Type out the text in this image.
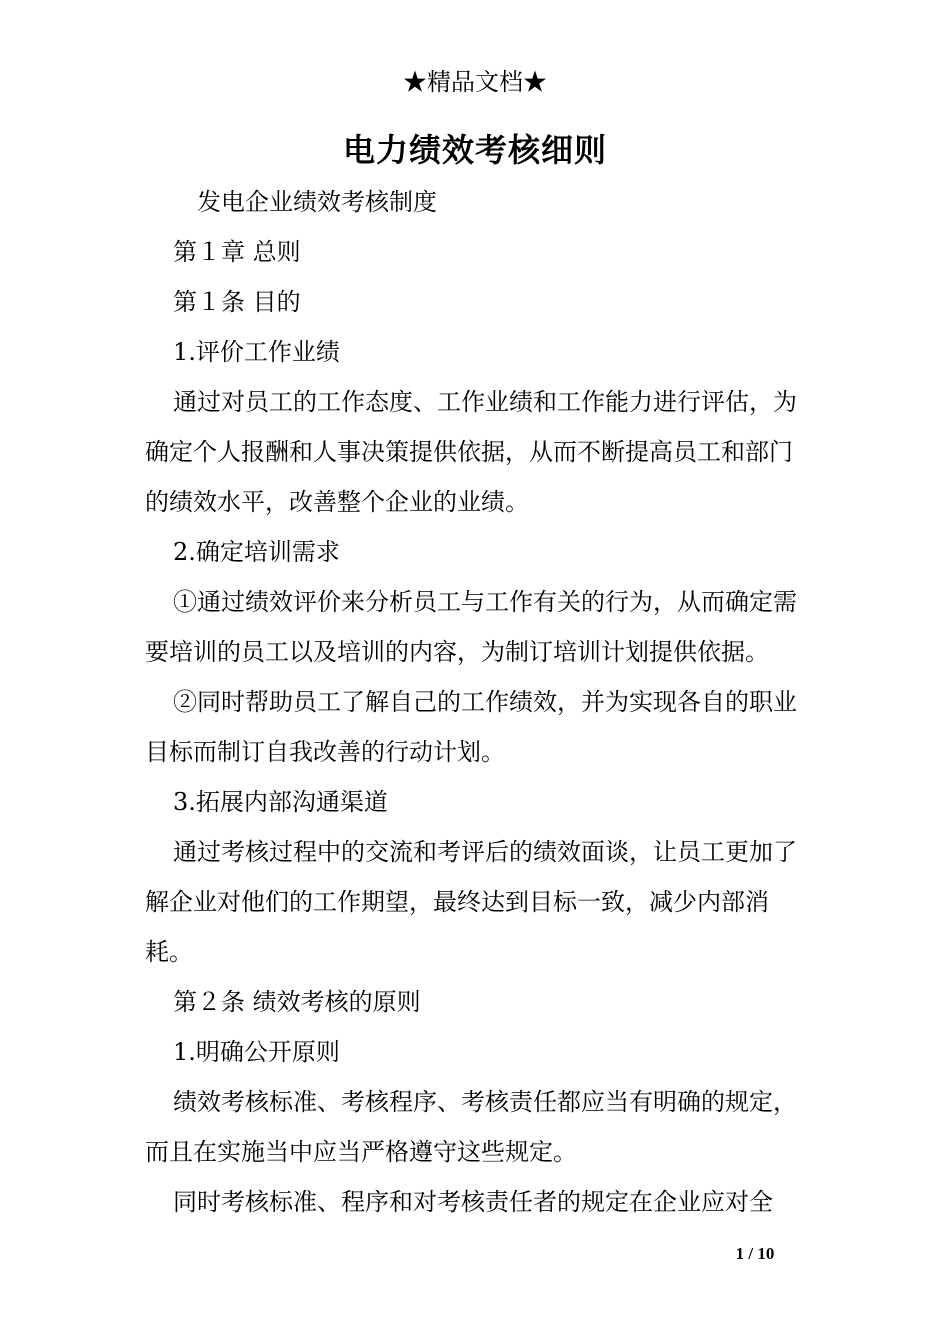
★精品文档★
电力绩效考核细则

发电企业绩效考核制度

第１章 总则

第１条 目的

1.评价工作业绩

通过对员工的工作态度、工作业绩和工作能力进行评估，为确定个人报酬和人事决策提供依据，从而不断提高员工和部门的绩效水平，改善整个企业的业绩。

2.确定培训需求

①通过绩效评价来分析员工与工作有关的行为，从而确定需要培训的员工以及培训的内容，为制订培训计划提供依据。

②同时帮助员工了解自己的工作绩效，并为实现各自的职业目标而制订自我改善的行动计划。

3.拓展内部沟通渠道

通过考核过程中的交流和考评后的绩效面谈，让员工更加了解企业对他们的工作期望，最终达到目标一致，减少内部消耗。

第２条 绩效考核的原则

1.明确公开原则

绩效考核标准、考核程序、考核责任都应当有明确的规定，而且在实施当中应当严格遵守这些规定。

同时考核标准、程序和对考核责任者的规定在企业应对全

1 / 10
